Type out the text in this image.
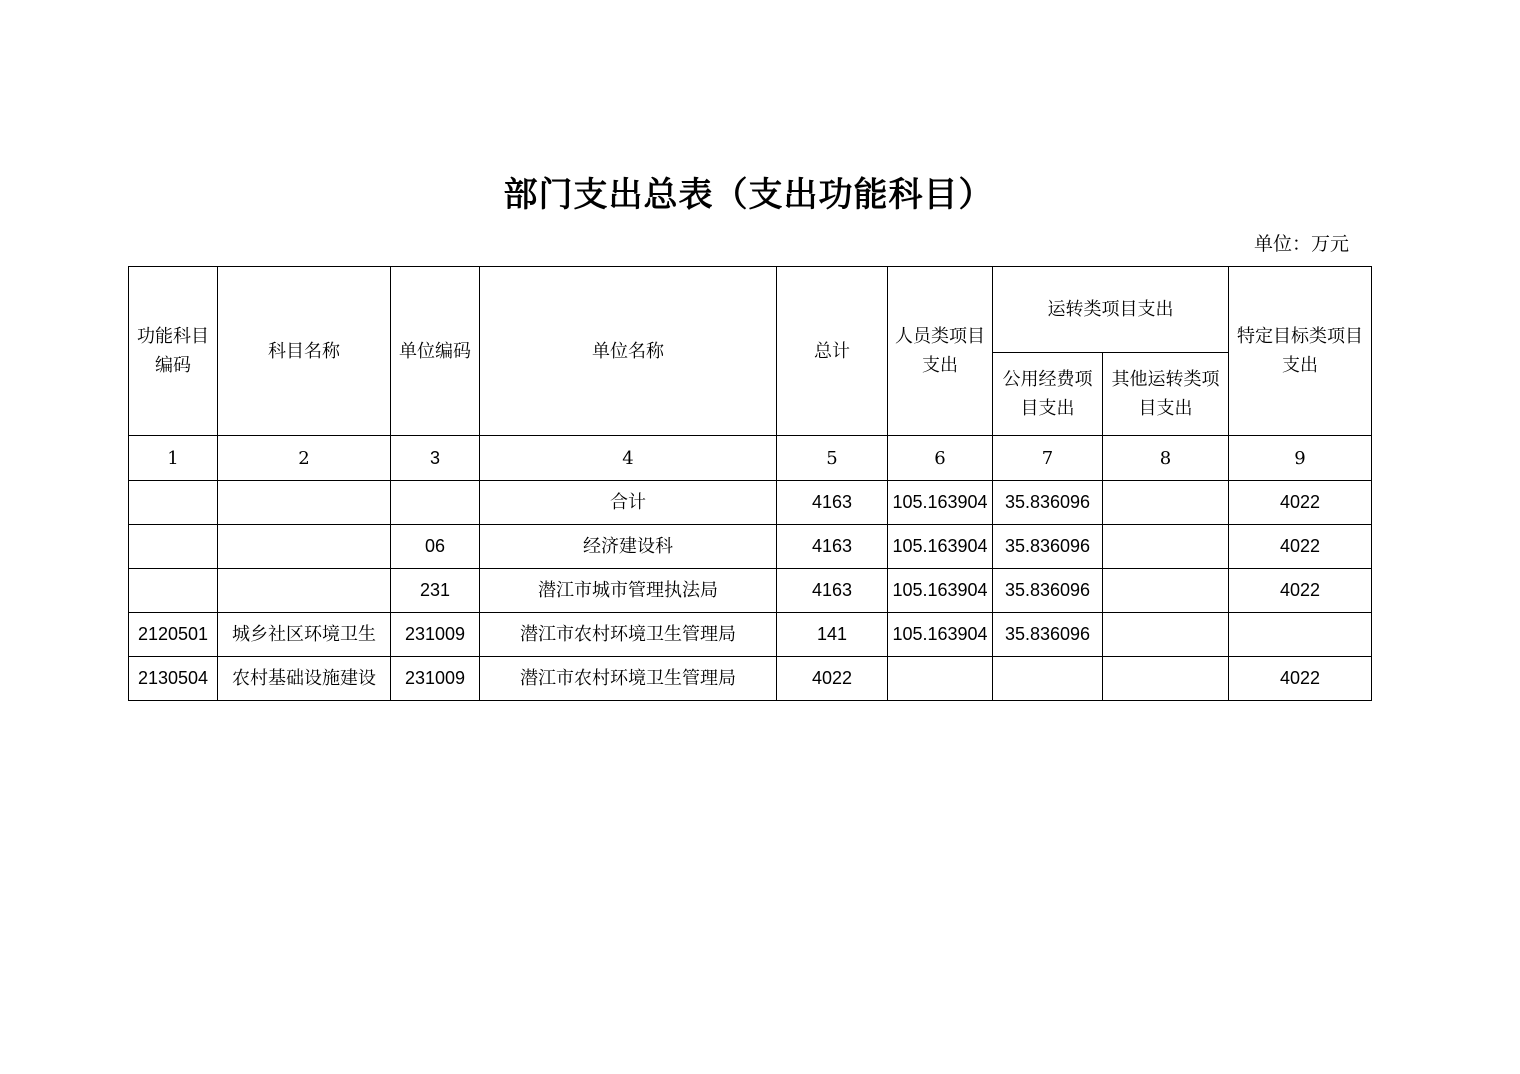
部门支出总表（支出功能科目）
单位：万元
功能科目编码	科目名称	单位编码	单位名称	总计	人员类项目支出	运转类项目支出		特定目标类项目支出
						公用经费项目支出	其他运转类项目支出	
1	2	3	4	5	6	7	8	9
			合计	4163	105.163904	35.836096		4022
		06	经济建设科	4163	105.163904	35.836096		4022
		231	潜江市城市管理执法局	4163	105.163904	35.836096		4022
2120501	城乡社区环境卫生	231009	潜江市农村环境卫生管理局	141	105.163904	35.836096		
2130504	农村基础设施建设	231009	潜江市农村环境卫生管理局	4022				4022
